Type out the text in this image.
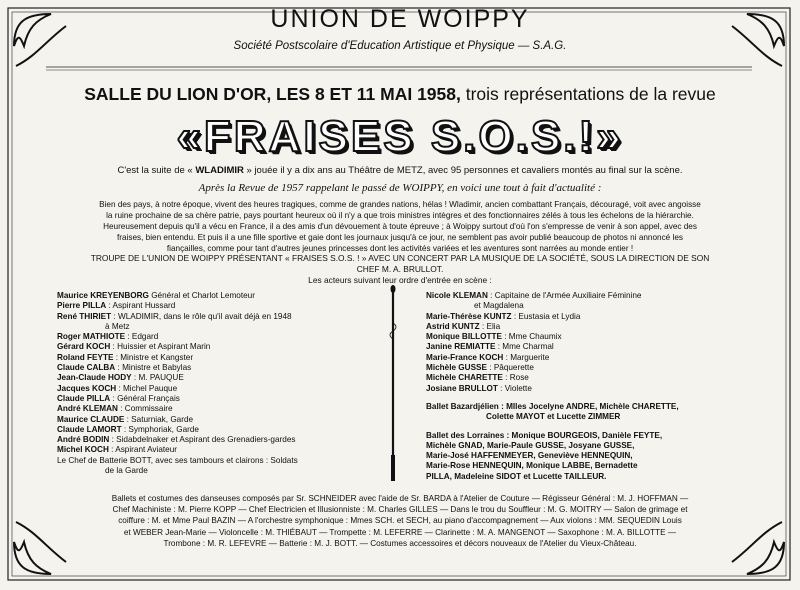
UNION DE WOIPPY
Société Postscolaire d'Education Artistique et Physique — S.A.G.
SALLE DU LION D'OR, LES 8 ET 11 MAI 1958, trois représentations de la revue
«FRAISES S.O.S.!»
C'est la suite de « WLADIMIR » jouée il y a dix ans au Théâtre de METZ, avec 95 personnes et cavaliers montés au final sur la scène.
Après la Revue de 1957 rappelant le passé de WOIPPY, en voici une tout à fait d'actualité :
Bien des pays, à notre époque, vivent des heures tragiques, comme de grandes nations, hélas ! Wladimir, ancien combattant Français, découragé, voit avec angoisse
la ruine prochaine de sa chère patrie, pays pourtant heureux où il n'y a que trois ministres intègres et des fonctionnaires zélés à tous les échelons de la hiérarchie.
Heureusement depuis qu'il a vécu en France, il a des amis d'un dévouement à toute épreuve ; à Woippy surtout d'où l'on s'empresse de venir à son appel, avec des
fraises, bien entendu. Et puis il a une fille sportive et gaie dont les journaux jusqu'à ce jour, ne semblent pas avoir publié beaucoup de photos ni annoncé les
fiançailles, comme pour tant d'autres jeunes princesses dont les activités variées et les aventures sont narrées au monde entier !
TROUPE DE L'UNION DE WOIPPY PRÉSENTANT « FRAISES S.O.S. ! » AVEC UN CONCERT PAR LA MUSIQUE DE LA SOCIÉTÉ, SOUS LA DIRECTION DE SON
CHEF M. A. BRULLOT.
Les acteurs suivant leur ordre d'entrée en scène :
Maurice KREYENBORG Général et Charlot Lemoteur
Pierre PILLA : Aspirant Hussard
René THIRIET : WLADIMIR, dans le rôle qu'il avait déjà en 1948
à Metz
Roger MATHIOTE : Edgard
Gérard KOCH : Huissier et Aspirant Marin
Roland FEYTE : Ministre et Kangster
Claude CALBA : Ministre et Babylas
Jean-Claude HODY : M. PAUQUE
Jacques KOCH : Michel Pauque
Claude PILLA : Général Français
André KLEMAN : Commissaire
Maurice CLAUDE : Saturniak, Garde
Claude LAMORT : Symphoriak, Garde
André BODIN : Sidabdelnaker et Aspirant des Grenadiers-gardes
Michel KOCH : Aspirant Aviateur
Le Chef de Batterie BOTT, avec ses tambours et clairons : Soldats
de la Garde
Nicole KLEMAN : Capitaine de l'Armée Auxiliaire Féminine
et Magdalena
Marie-Thérèse KUNTZ : Eustasia et Lydia
Astrid KUNTZ : Elia
Monique BILLOTTE : Mme Chaumix
Janine REMIATTE : Mme Charmal
Marie-France KOCH : Marguerite
Michèle GUSSE : Pâquerette
Michèle CHARETTE : Rose
Josiane BRULLOT : Violette
Ballet Bazardjélien : Mlles Jocelyne ANDRE, Michèle CHARETTE,
Colette MAYOT et Lucette ZIMMER
Ballet des Lorraines : Monique BOURGEOIS, Danièle FEYTE,
Michèle GNAD, Marie-Paule GUSSE, Josyane GUSSE,
Marie-José HAFFENMEYER, Geneviève HENNEQUIN,
Marie-Rose HENNEQUIN, Monique LABBE, Bernadette
PILLA, Madeleine SIDOT et Lucette TAILLEUR.
Ballets et costumes des danseuses composés par Sr. SCHNEIDER avec l'aide de Sr. BARDA à l'Atelier de Couture — Régisseur Général : M. J. HOFFMAN —
Chef Machiniste : M. Pierre KOPP — Chef Electricien et Illusionniste : M. Charles GILLES — Dans le trou du Souffleur : M. G. MOITRY — Salon de grimage et
coiffure : M. et Mme Paul BAZIN — A l'orchestre symphonique : Mmes SCH. et SECH, au piano d'accompagnement — Aux violons : MM. SEQUEDIN Louis
et WEBER Jean-Marie — Violoncelle : M. THIÉBAUT — Trompette : M. LEFERRE — Clarinette : M. A. MANGENOT — Saxophone : M. A. BILLOTTE —
Trombone : M. R. LEFEVRE — Batterie : M. J. BOTT. — Costumes accessoires et décors nouveaux de l'Atelier du Vieux-Château.
